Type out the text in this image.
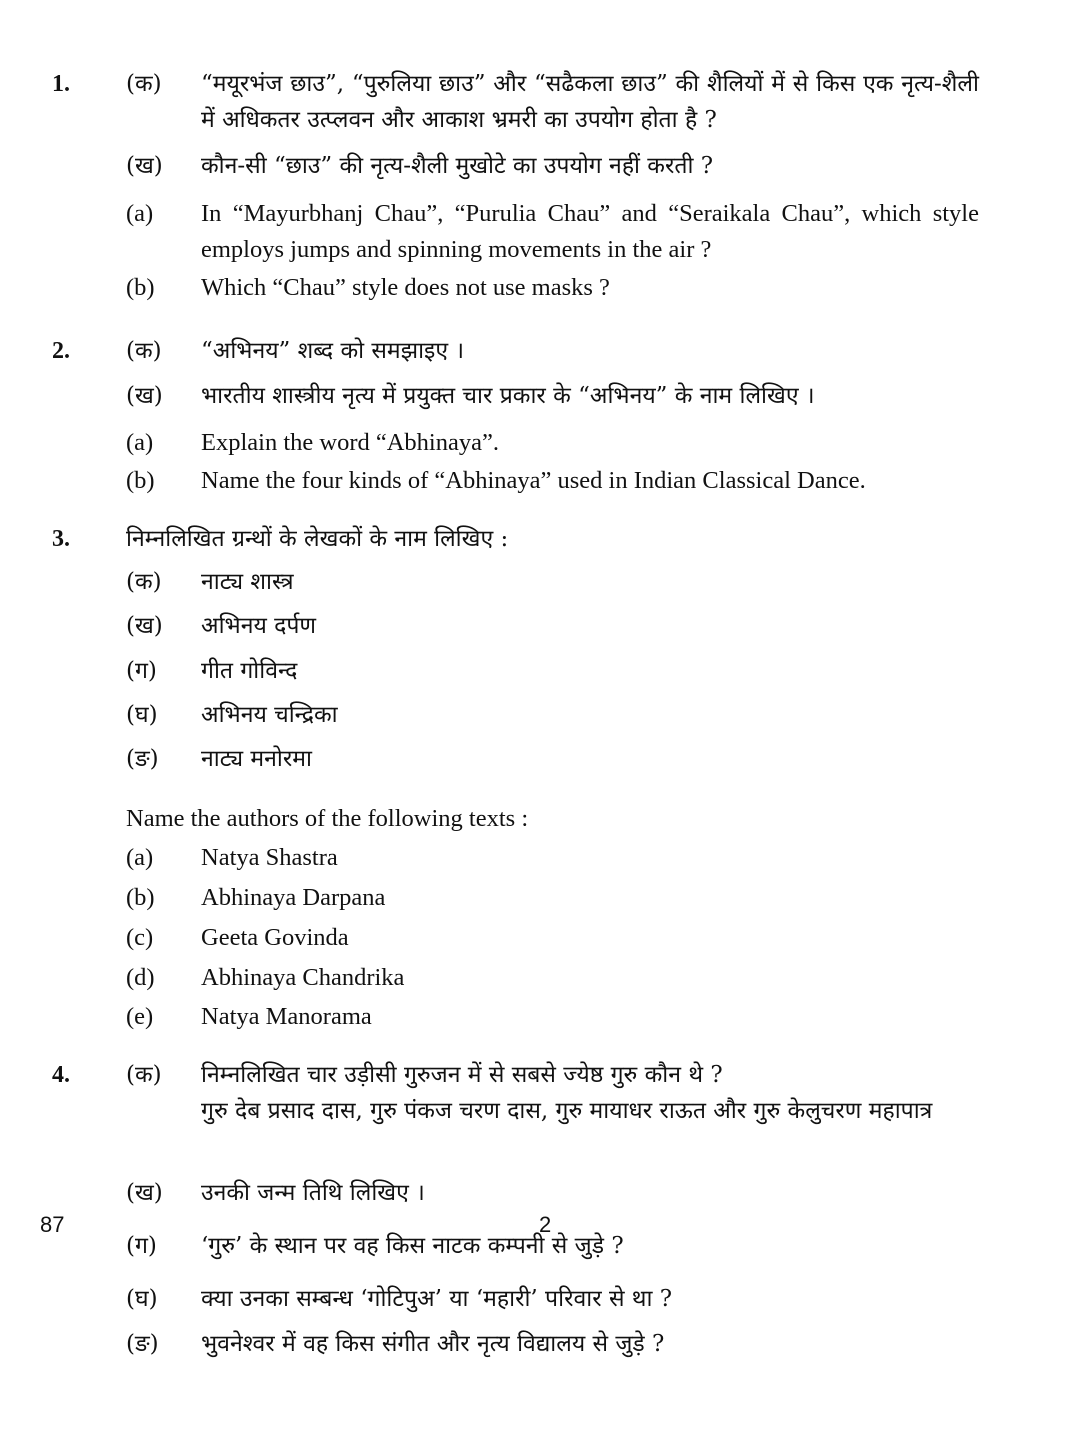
1. (क) “मयूरभंज छाउ”, “पुरुलिया छाउ” और “सढैकला छाउ” की शैलियों में से किस एक नृत्य-शैली में अधिकतर उत्प्लवन और आकाश भ्रमरी का उपयोग होता है ?
(ख) कौन-सी “छाउ” की नृत्य-शैली मुखोटे का उपयोग नहीं करती ?
(a) In “Mayurbhanj Chau”, “Purulia Chau” and “Seraikala Chau”, which style employs jumps and spinning movements in the air ?
(b) Which “Chau” style does not use masks ?
2. (क) “अभिनय” शब्द को समझाइए ।
(ख) भारतीय शास्त्रीय नृत्य में प्रयुक्त चार प्रकार के “अभिनय” के नाम लिखिए ।
(a) Explain the word “Abhinaya”.
(b) Name the four kinds of “Abhinaya” used in Indian Classical Dance.
3. निम्नलिखित ग्रन्थों के लेखकों के नाम लिखिए :
(क) नाट्य शास्त्र
(ख) अभिनय दर्पण
(ग) गीत गोविन्द
(घ) अभिनय चन्द्रिका
(ङ) नाट्य मनोरमा
Name the authors of the following texts :
(a) Natya Shastra
(b) Abhinaya Darpana
(c) Geeta Govinda
(d) Abhinaya Chandrika
(e) Natya Manorama
4. (क) निम्नलिखित चार उड़ीसी गुरुजन में से सबसे ज्येष्ठ गुरु कौन थे ?
गुरु देब प्रसाद दास, गुरु पंकज चरण दास, गुरु मायाधर राऊत और गुरु केलुचरण महापात्र
(ख) उनकी जन्म तिथि लिखिए ।
(ग) ‘गुरु’ के स्थान पर वह किस नाटक कम्पनी से जुड़े ?
(घ) क्या उनका सम्बन्ध ‘गोटिपुअ’ या ‘महारी’ परिवार से था ?
(ङ) भुवनेश्वर में वह किस संगीत और नृत्य विद्यालय से जुड़े ?
87	2
